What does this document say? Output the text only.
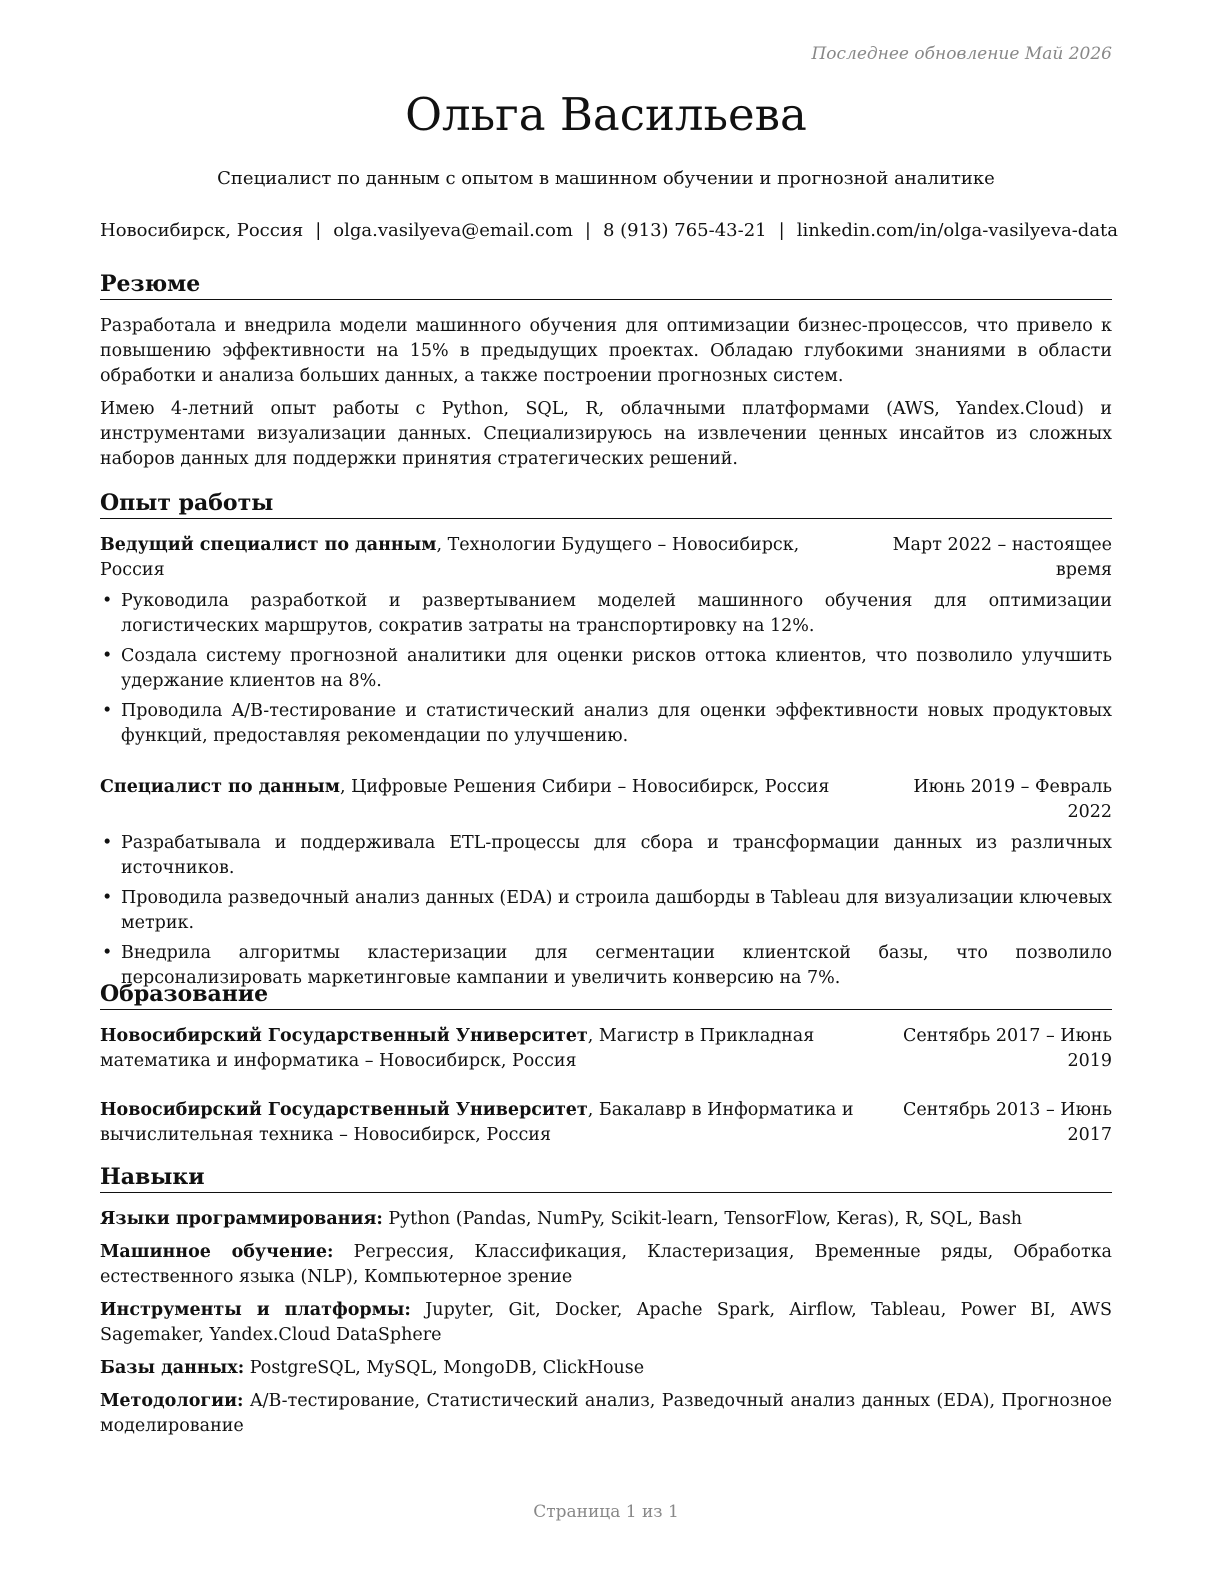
Последнее обновление Май 2026
Ольга Васильева
Специалист по данным с опытом в машинном обучении и прогнозной аналитике
Новосибирск, Россия | olga.vasilyeva@email.com | 8 (913) 765-43-21 | linkedin.com/in/olga-vasilyeva-data
Резюме

Разработала и внедрила модели машинного обучения для оптимизации бизнес-процессов, что привело к повышению эффективности на 15% в предыдущих проектах. Обладаю глубокими знаниями в области обработки и анализа больших данных, а также построении прогнозных систем.

Имею 4-летний опыт работы с Python, SQL, R, облачными платформами (AWS, Yandex.Cloud) и инструментами визуализации данных. Специализируюсь на извлечении ценных инсайтов из сложных наборов данных для поддержки принятия стратегических решений.

Опыт работы
Ведущий специалист по данным, Технологии Будущего – Новосибирск, Россия
Март 2022 – настоящее время
• Руководила разработкой и развертыванием моделей машинного обучения для оптимизации логистических маршрутов, сократив затраты на транспортировку на 12%.
• Создала систему прогнозной аналитики для оценки рисков оттока клиентов, что позволило улучшить удержание клиентов на 8%.
• Проводила A/B-тестирование и статистический анализ для оценки эффективности новых продуктовых функций, предоставляя рекомендации по улучшению.
Специалист по данным, Цифровые Решения Сибири – Новосибирск, Россия	Июнь 2019 – Февраль 2022
• Разрабатывала и поддерживала ETL-процессы для сбора и трансформации данных из различных источников.
• Проводила разведочный анализ данных (EDA) и строила дашборды в Tableau для визуализации ключевых метрик.
• Внедрила алгоритмы кластеризации для сегментации клиентской базы, что позволило персонализировать маркетинговые кампании и увеличить конверсию на 7%.
Образование
Новосибирский Государственный Университет, Магистр в Прикладная математика и информатика – Новосибирск, Россия
Сентябрь 2017 – Июнь 2019
Новосибирский Государственный Университет, Бакалавр в Информатика и вычислительная техника – Новосибирск, Россия
Сентябрь 2013 – Июнь 2017
Навыки

Языки программирования: Python (Pandas, NumPy, Scikit-learn, TensorFlow, Keras), R, SQL, Bash

Машинное обучение: Регрессия, Классификация, Кластеризация, Временные ряды, Обработка естественного языка (NLP), Компьютерное зрение

Инструменты и платформы: Jupyter, Git, Docker, Apache Spark, Airflow, Tableau, Power BI, AWS Sagemaker, Yandex.Cloud DataSphere

Базы данных: PostgreSQL, MySQL, MongoDB, ClickHouse

Методологии: A/B-тестирование, Статистический анализ, Разведочный анализ данных (EDA), Прогнозное моделирование

Страница 1 из 1
